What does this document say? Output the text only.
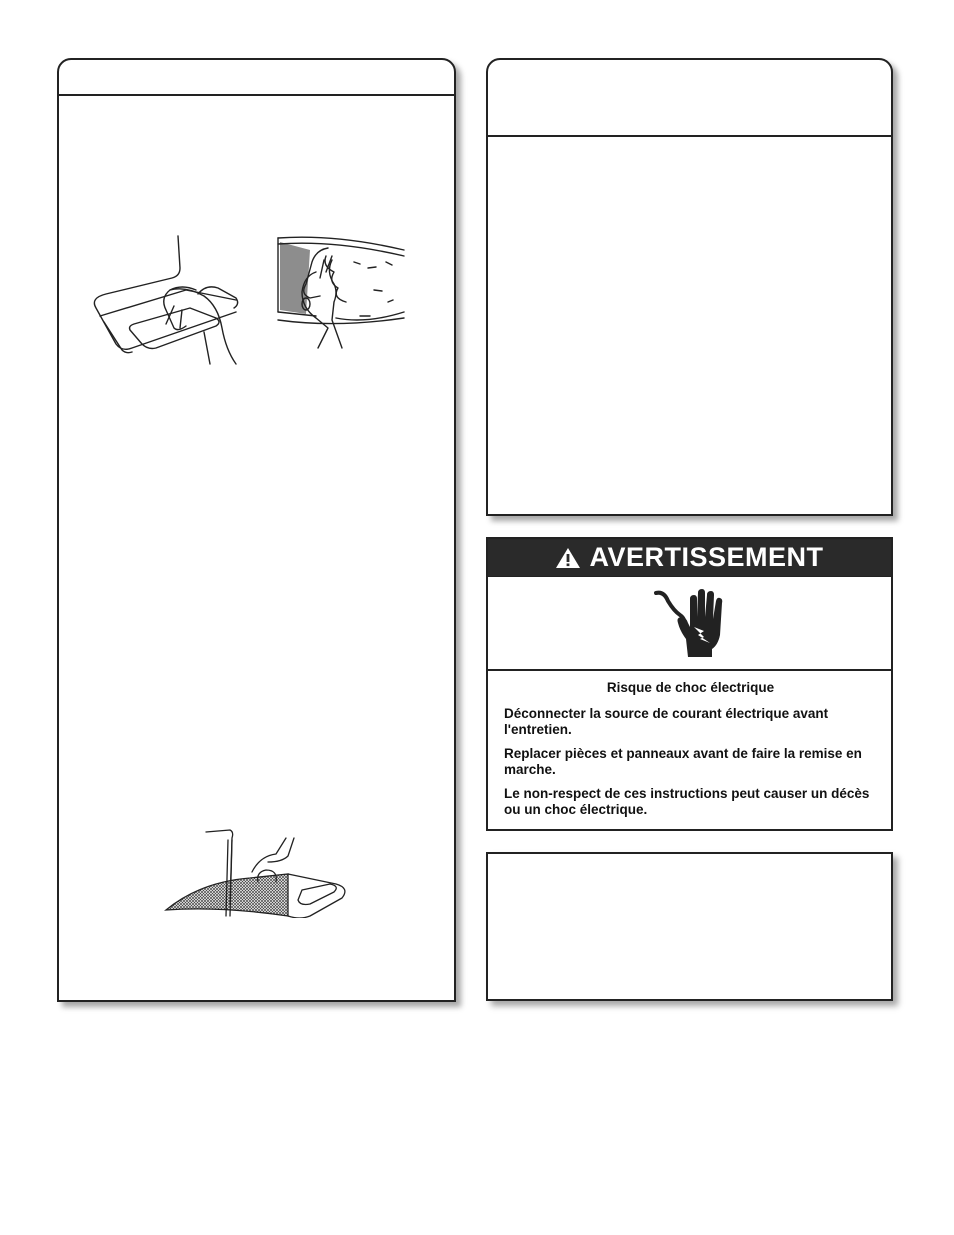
AVERTISSEMENT
Risque de choc électrique
Déconnecter la source de courant électrique avant l'entretien.
Replacer pièces et panneaux avant de faire la remise en marche.
Le non-respect de ces instructions peut causer un décès ou un choc électrique.
